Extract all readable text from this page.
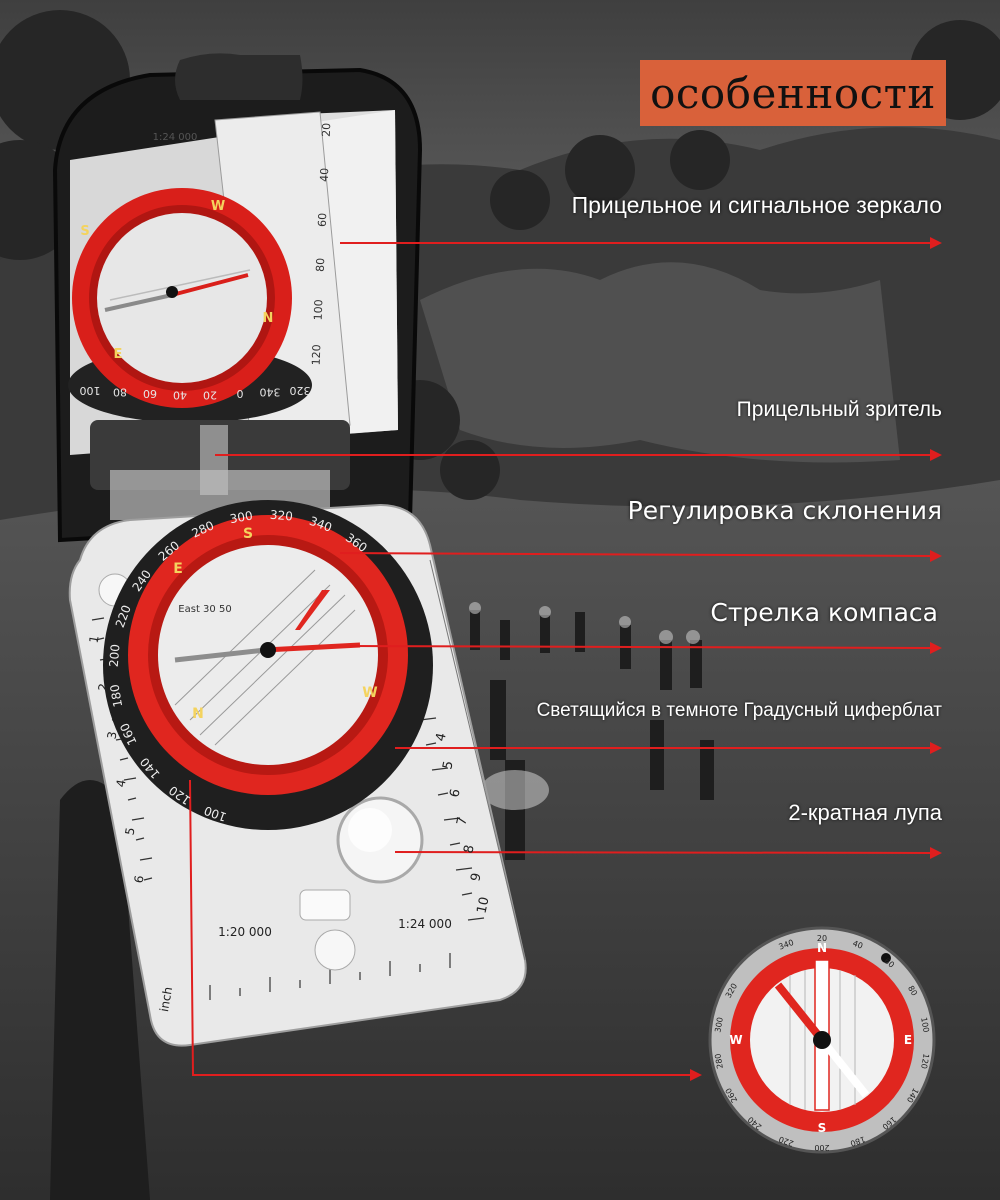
S
W
N
E
100 80 60 40 20 0 340 320
E
S
W
N
100
120
140
160
180
200
220
240
260
280
300 320 340
360
East 30 50
1:24 000
1:20 000
1:24 000
inch
4
5
6
7
8
9
10
20
40
60
80
100
120
1
2
3
4
5
6
N
E
S
W
340	20
40
60
80
100
120
140
160
180
200
220
240
260
280
300
320
особенности
Прицельное и сигнальное зеркало
Прицельный зритель
Регулировка склонения
Стрелка компаса
Светящийся в темноте Градусный циферблат
2-кратная лупа
